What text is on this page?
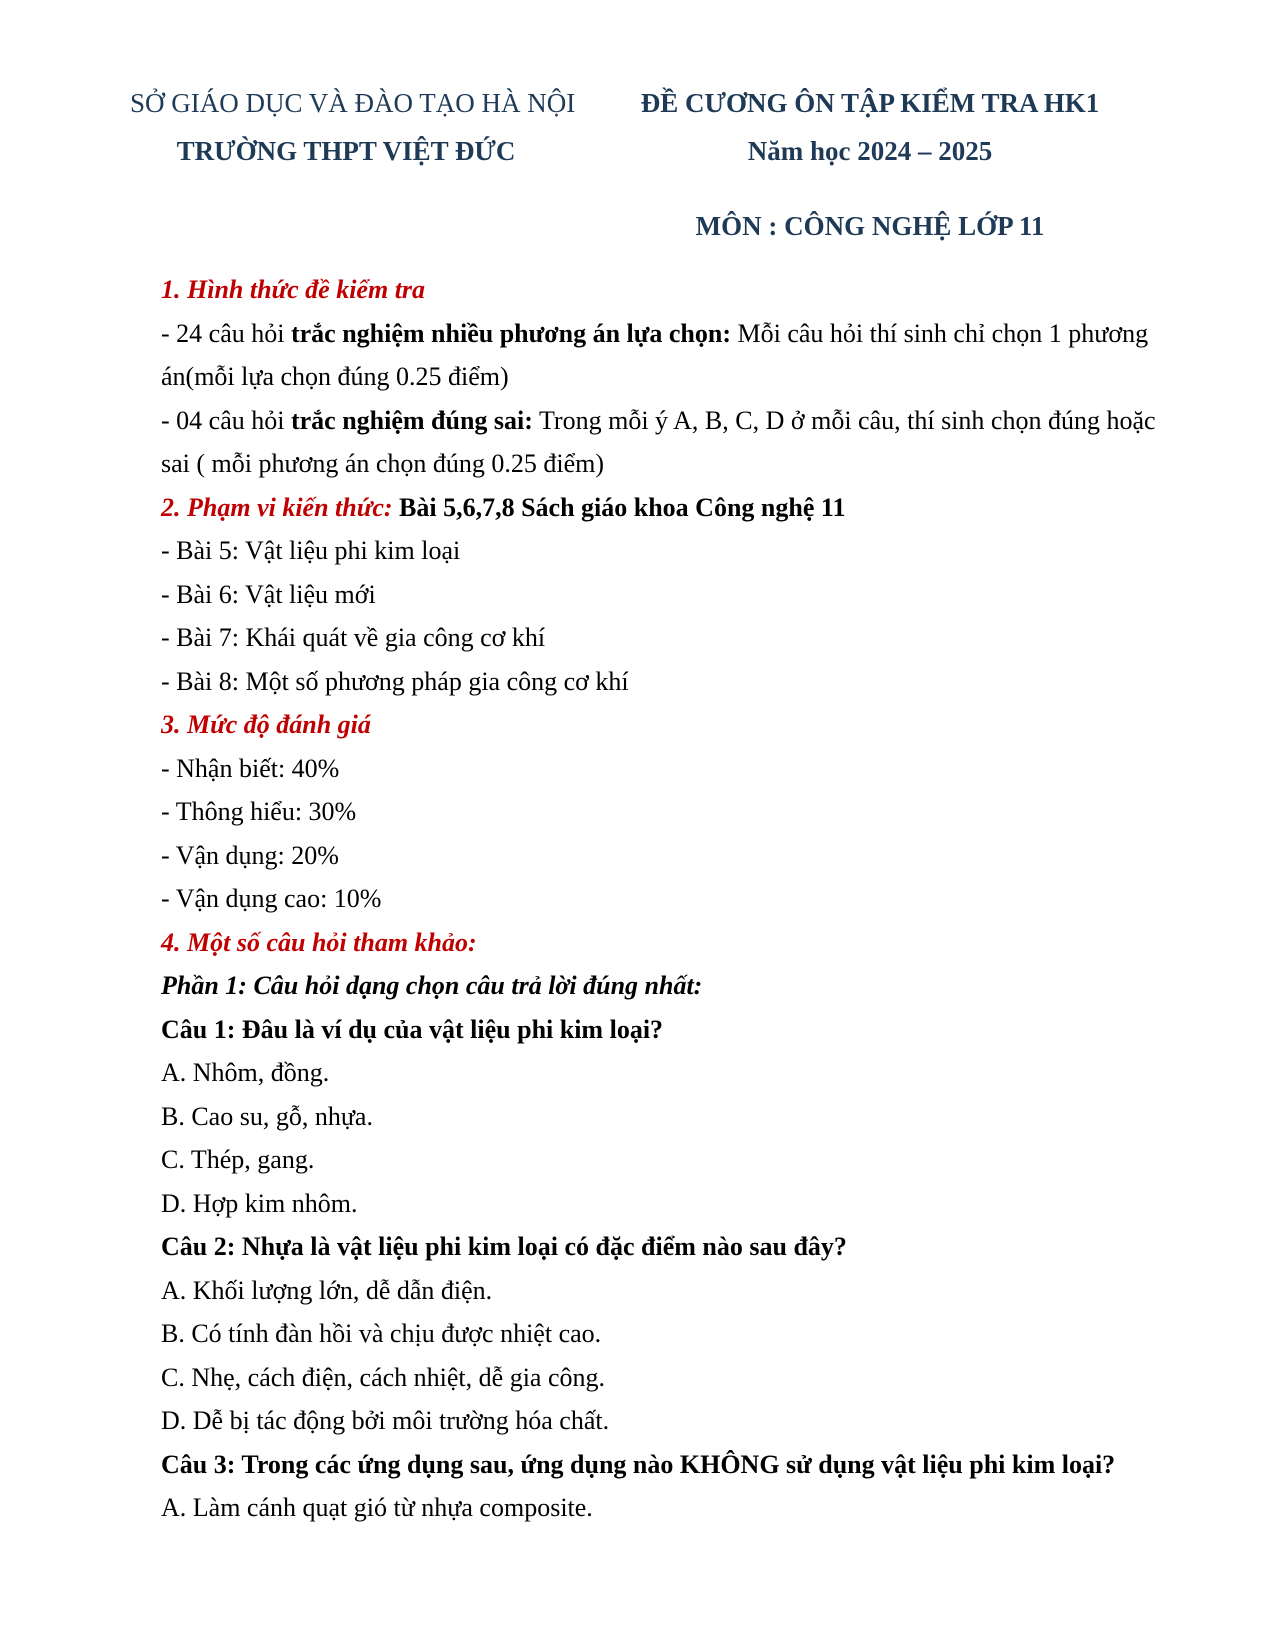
SỞ GIÁO DỤC VÀ ĐÀO TẠO HÀ NỘI
TRƯỜNG THPT VIỆT ĐỨC
ĐỀ CƯƠNG ÔN TẬP KIỂM TRA HK1
Năm học 2024 – 2025
MÔN : CÔNG NGHỆ LỚP 11
1. Hình thức đề kiểm tra
- 24 câu hỏi trắc nghiệm nhiều phương án lựa chọn: Mỗi câu hỏi thí sinh chỉ chọn 1 phương án(mỗi lựa chọn đúng 0.25 điểm)
- 04 câu hỏi trắc nghiệm đúng sai: Trong mỗi ý A, B, C, D ở mỗi câu, thí sinh chọn đúng hoặc sai ( mỗi phương án chọn đúng 0.25 điểm)
2. Phạm vi kiến thức: Bài 5,6,7,8 Sách giáo khoa Công nghệ 11
- Bài 5: Vật liệu phi kim loại
- Bài 6: Vật liệu mới
- Bài 7: Khái quát về gia công cơ khí
- Bài 8: Một số phương pháp gia công cơ khí
3. Mức độ đánh giá
- Nhận biết: 40%
- Thông hiểu: 30%
- Vận dụng: 20%
- Vận dụng cao: 10%
4. Một số câu hỏi tham khảo:
Phần 1: Câu hỏi dạng chọn câu trả lời đúng nhất:
Câu 1: Đâu là ví dụ của vật liệu phi kim loại?
A. Nhôm, đồng.
B. Cao su, gỗ, nhựa.
C. Thép, gang.
D. Hợp kim nhôm.
Câu 2: Nhựa là vật liệu phi kim loại có đặc điểm nào sau đây?
A. Khối lượng lớn, dễ dẫn điện.
B. Có tính đàn hồi và chịu được nhiệt cao.
C. Nhẹ, cách điện, cách nhiệt, dễ gia công.
D. Dễ bị tác động bởi môi trường hóa chất.
Câu 3: Trong các ứng dụng sau, ứng dụng nào KHÔNG sử dụng vật liệu phi kim loại?
A. Làm cánh quạt gió từ nhựa composite.
